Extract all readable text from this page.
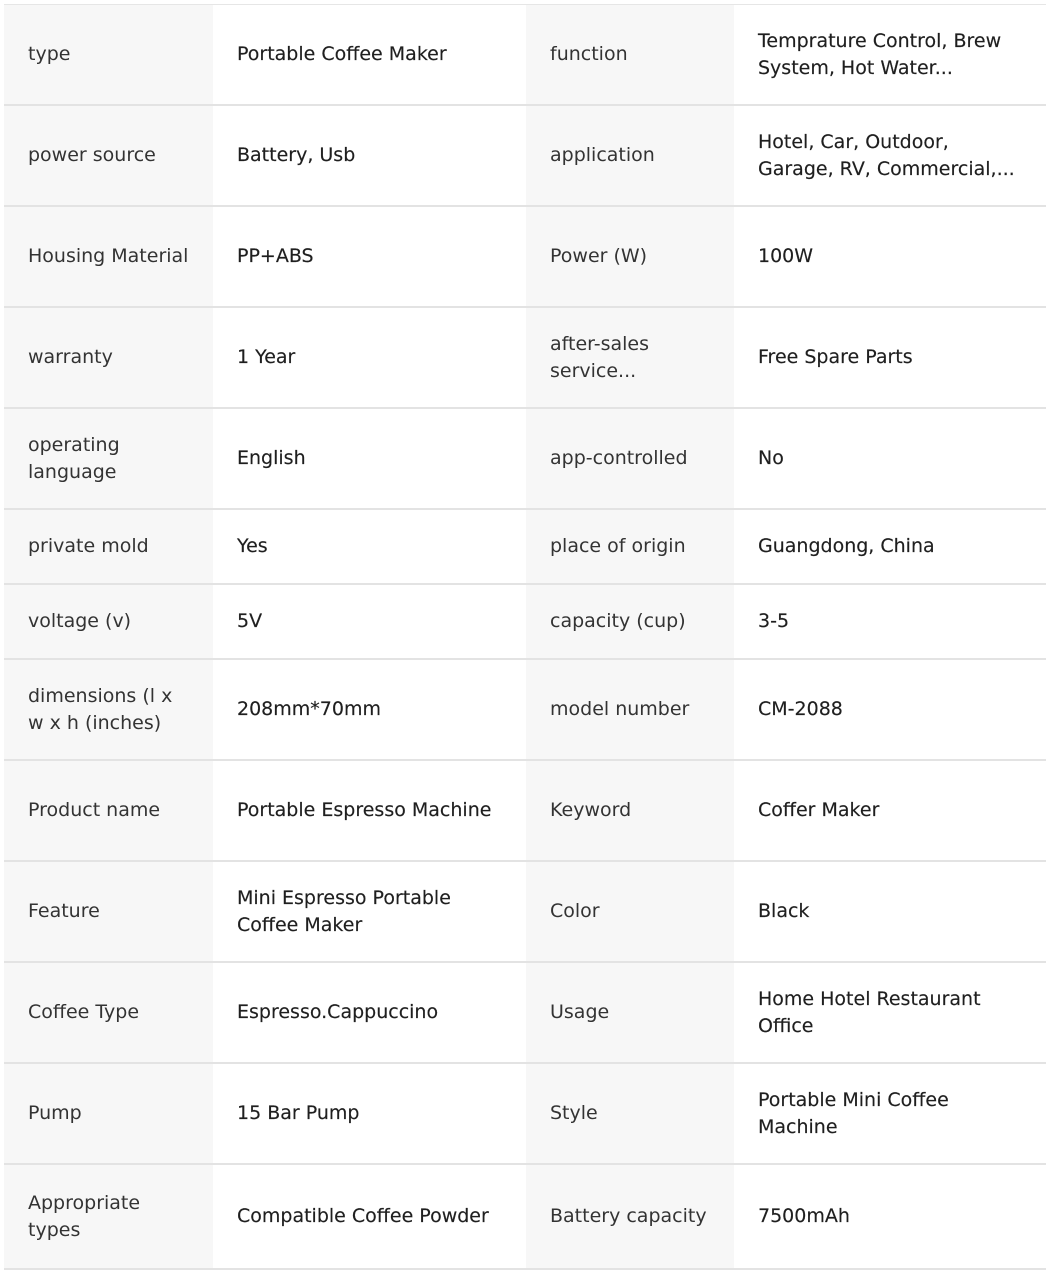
type	Portable Coffee Maker	function	Temprature Control, Brew System, Hot Water...

power source	Battery, Usb	application	Hotel, Car, Outdoor, Garage, RV, Commercial,...

Housing Material	PP+ABS	Power (W)	100W

warranty	1 Year	after-sales service...	Free Spare Parts

operating language	English	app-controlled	No

private mold	Yes	place of origin	Guangdong, China

voltage (v)	5V	capacity (cup)	3-5

dimensions (l x w x h (inches)	208mm*70mm	model number	CM-2088

Product name	Portable Espresso Machine	Keyword	Coffer Maker

Feature	Mini Espresso Portable Coffee Maker	Color	Black

Coffee Type	Espresso.Cappuccino	Usage	Home Hotel Restaurant Office

Pump	15 Bar Pump	Style	Portable Mini Coffee Machine

Appropriate types	Compatible Coffee Powder	Battery capacity	7500mAh
